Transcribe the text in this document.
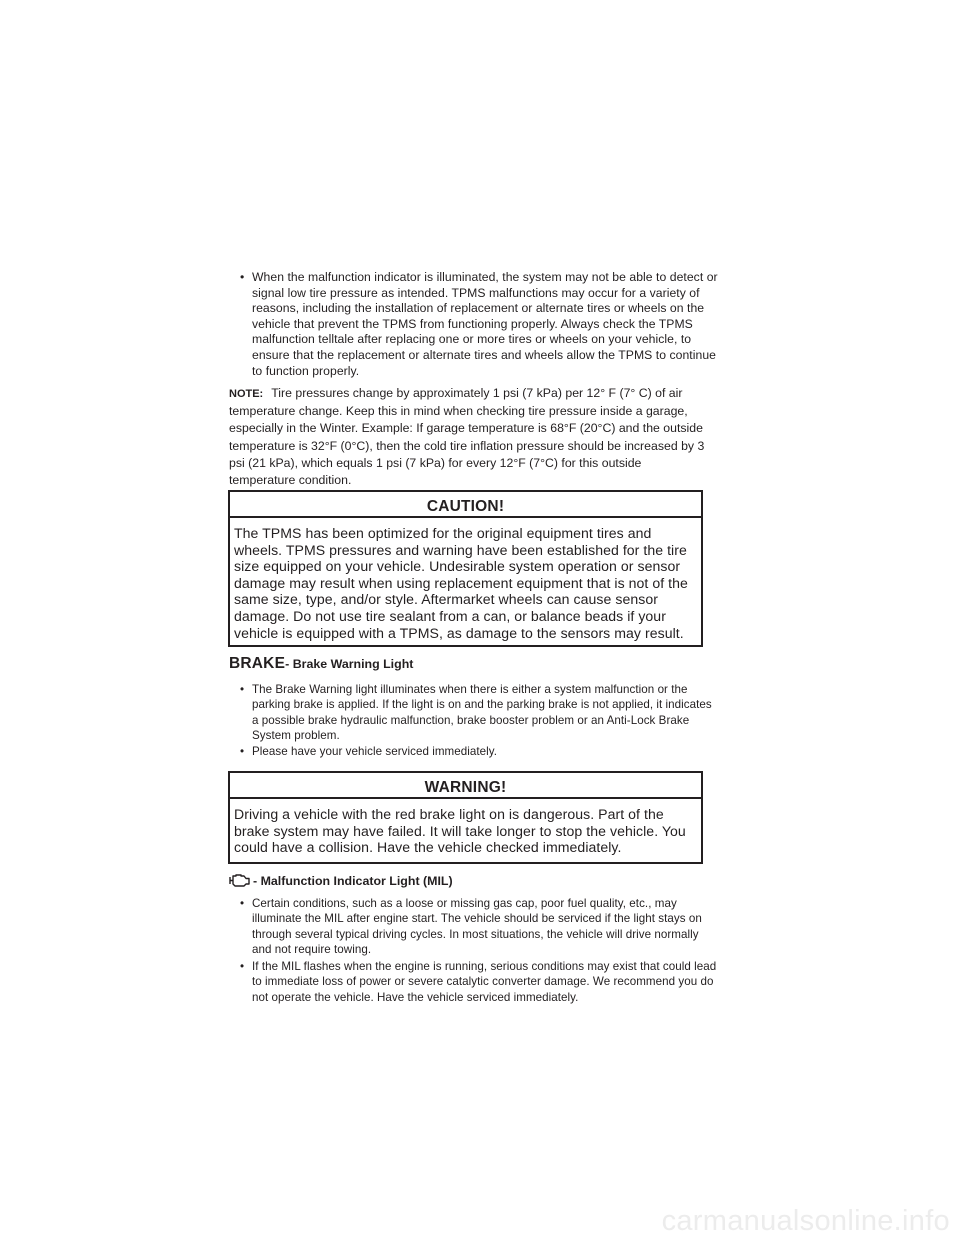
• When the malfunction indicator is illuminated, the system may not be able to detect or signal low tire pressure as intended. TPMS malfunctions may occur for a variety of reasons, including the installation of replacement or alternate tires or wheels on the vehicle that prevent the TPMS from functioning properly. Always check the TPMS malfunction telltale after replacing one or more tires or wheels on your vehicle, to ensure that the replacement or alternate tires and wheels allow the TPMS to continue to function properly.
NOTE: Tire pressures change by approximately 1 psi (7 kPa) per 12° F (7° C) of air temperature change. Keep this in mind when checking tire pressure inside a garage, especially in the Winter. Example: If garage temperature is 68°F (20°C) and the outside temperature is 32°F (0°C), then the cold tire inflation pressure should be increased by 3 psi (21 kPa), which equals 1 psi (7 kPa) for every 12°F (7°C) for this outside temperature condition.
CAUTION!
The TPMS has been optimized for the original equipment tires and wheels. TPMS pressures and warning have been established for the tire size equipped on your vehicle. Undesirable system operation or sensor damage may result when using replacement equipment that is not of the same size, type, and/or style. Aftermarket wheels can cause sensor damage. Do not use tire sealant from a can, or balance beads if your vehicle is equipped with a TPMS, as damage to the sensors may result.
BRAKE- Brake Warning Light
• The Brake Warning light illuminates when there is either a system malfunction or the parking brake is applied. If the light is on and the parking brake is not applied, it indicates a possible brake hydraulic malfunction, brake booster problem or an Anti-Lock Brake System problem.
• Please have your vehicle serviced immediately.
WARNING!
Driving a vehicle with the red brake light on is dangerous. Part of the brake system may have failed. It will take longer to stop the vehicle. You could have a collision. Have the vehicle checked immediately.
- Malfunction Indicator Light (MIL)
• Certain conditions, such as a loose or missing gas cap, poor fuel quality, etc., may illuminate the MIL after engine start. The vehicle should be serviced if the light stays on through several typical driving cycles. In most situations, the vehicle will drive normally and not require towing.
• If the MIL flashes when the engine is running, serious conditions may exist that could lead to immediate loss of power or severe catalytic converter damage. We recommend you do not operate the vehicle. Have the vehicle serviced immediately.
carmanualsonline.info
